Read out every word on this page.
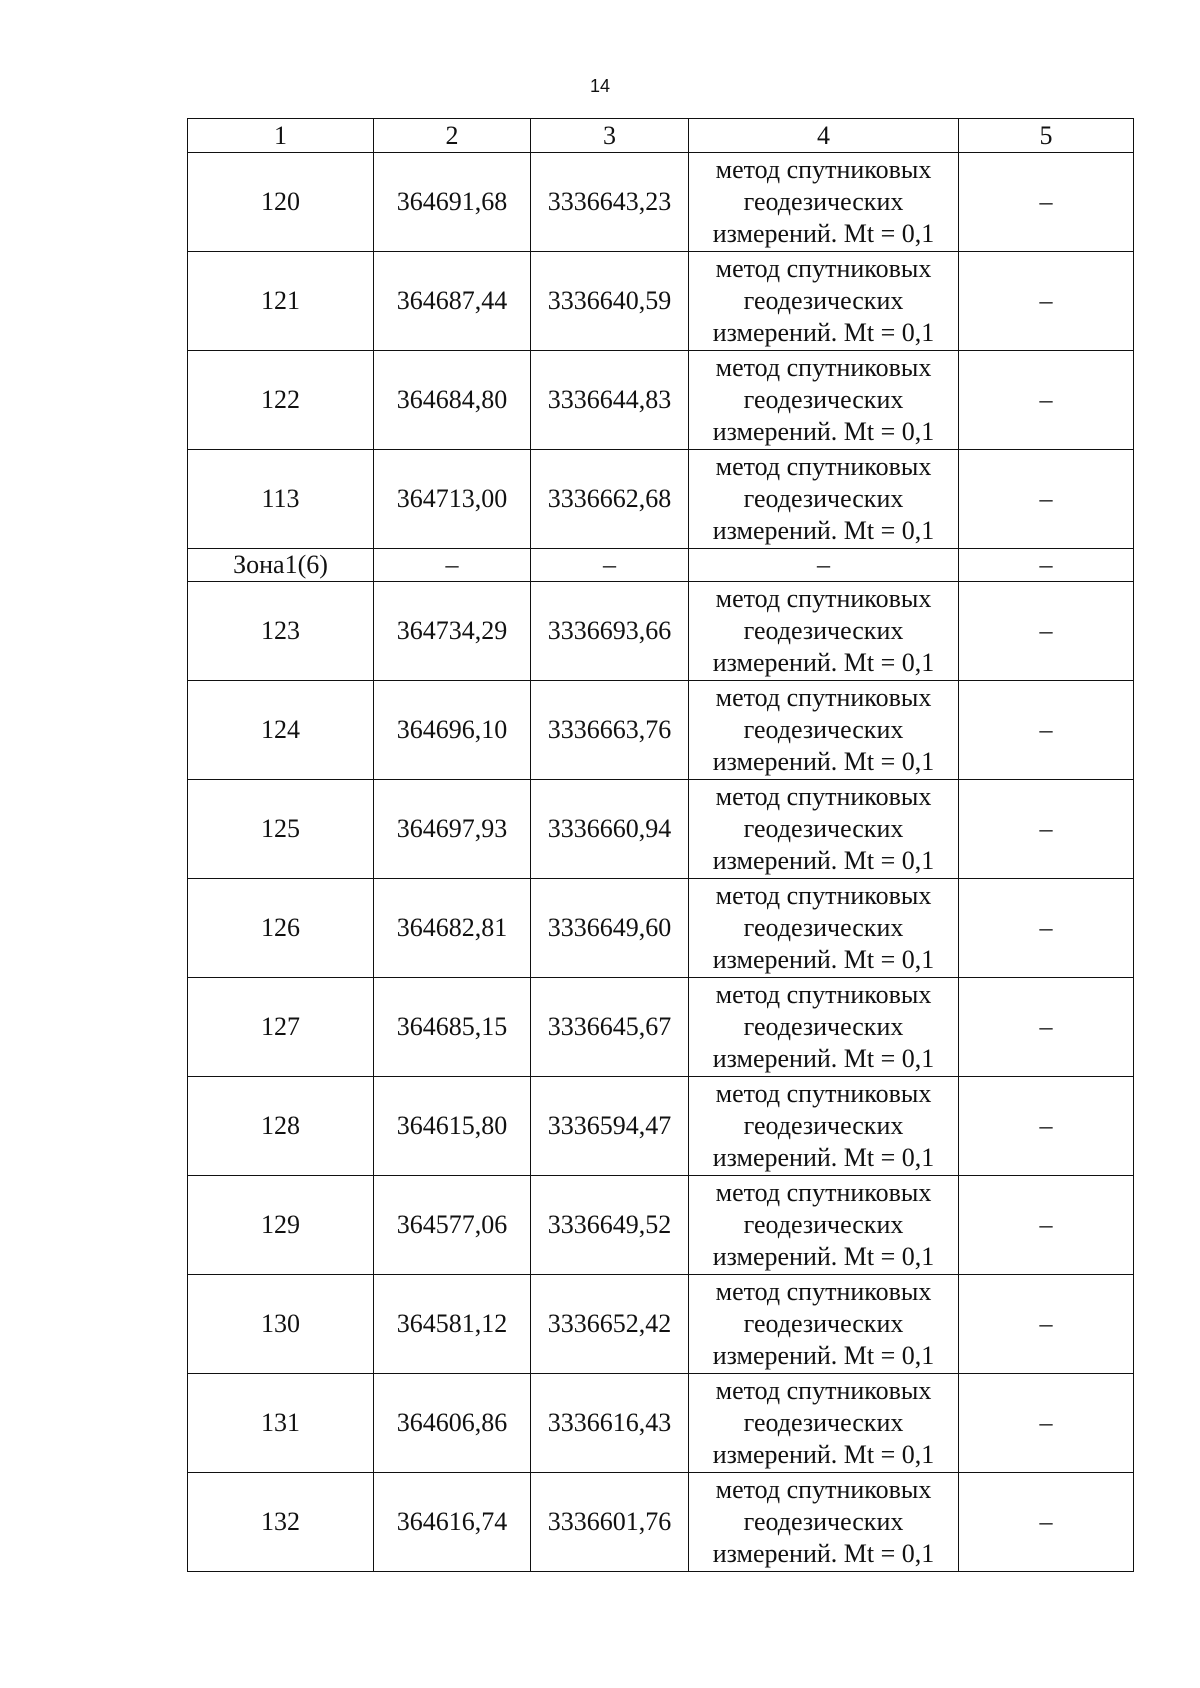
14
1	2	3	4	5
120	364691,68	3336643,23	метод спутниковых
геодезических
измерений. Mt = 0,1	–
121	364687,44	3336640,59	метод спутниковых
геодезических
измерений. Mt = 0,1	–
122	364684,80	3336644,83	метод спутниковых
геодезических
измерений. Mt = 0,1	–
113	364713,00	3336662,68	метод спутниковых
геодезических
измерений. Mt = 0,1	–
Зона1(6)	–	–	–	–
123	364734,29	3336693,66	метод спутниковых
геодезических
измерений. Mt = 0,1	–
124	364696,10	3336663,76	метод спутниковых
геодезических
измерений. Mt = 0,1	–
125	364697,93	3336660,94	метод спутниковых
геодезических
измерений. Mt = 0,1	–
126	364682,81	3336649,60	метод спутниковых
геодезических
измерений. Mt = 0,1	–
127	364685,15	3336645,67	метод спутниковых
геодезических
измерений. Mt = 0,1	–
128	364615,80	3336594,47	метод спутниковых
геодезических
измерений. Mt = 0,1	–
129	364577,06	3336649,52	метод спутниковых
геодезических
измерений. Mt = 0,1	–
130	364581,12	3336652,42	метод спутниковых
геодезических
измерений. Mt = 0,1	–
131	364606,86	3336616,43	метод спутниковых
геодезических
измерений. Mt = 0,1	–
132	364616,74	3336601,76	метод спутниковых
геодезических
измерений. Mt = 0,1	–
